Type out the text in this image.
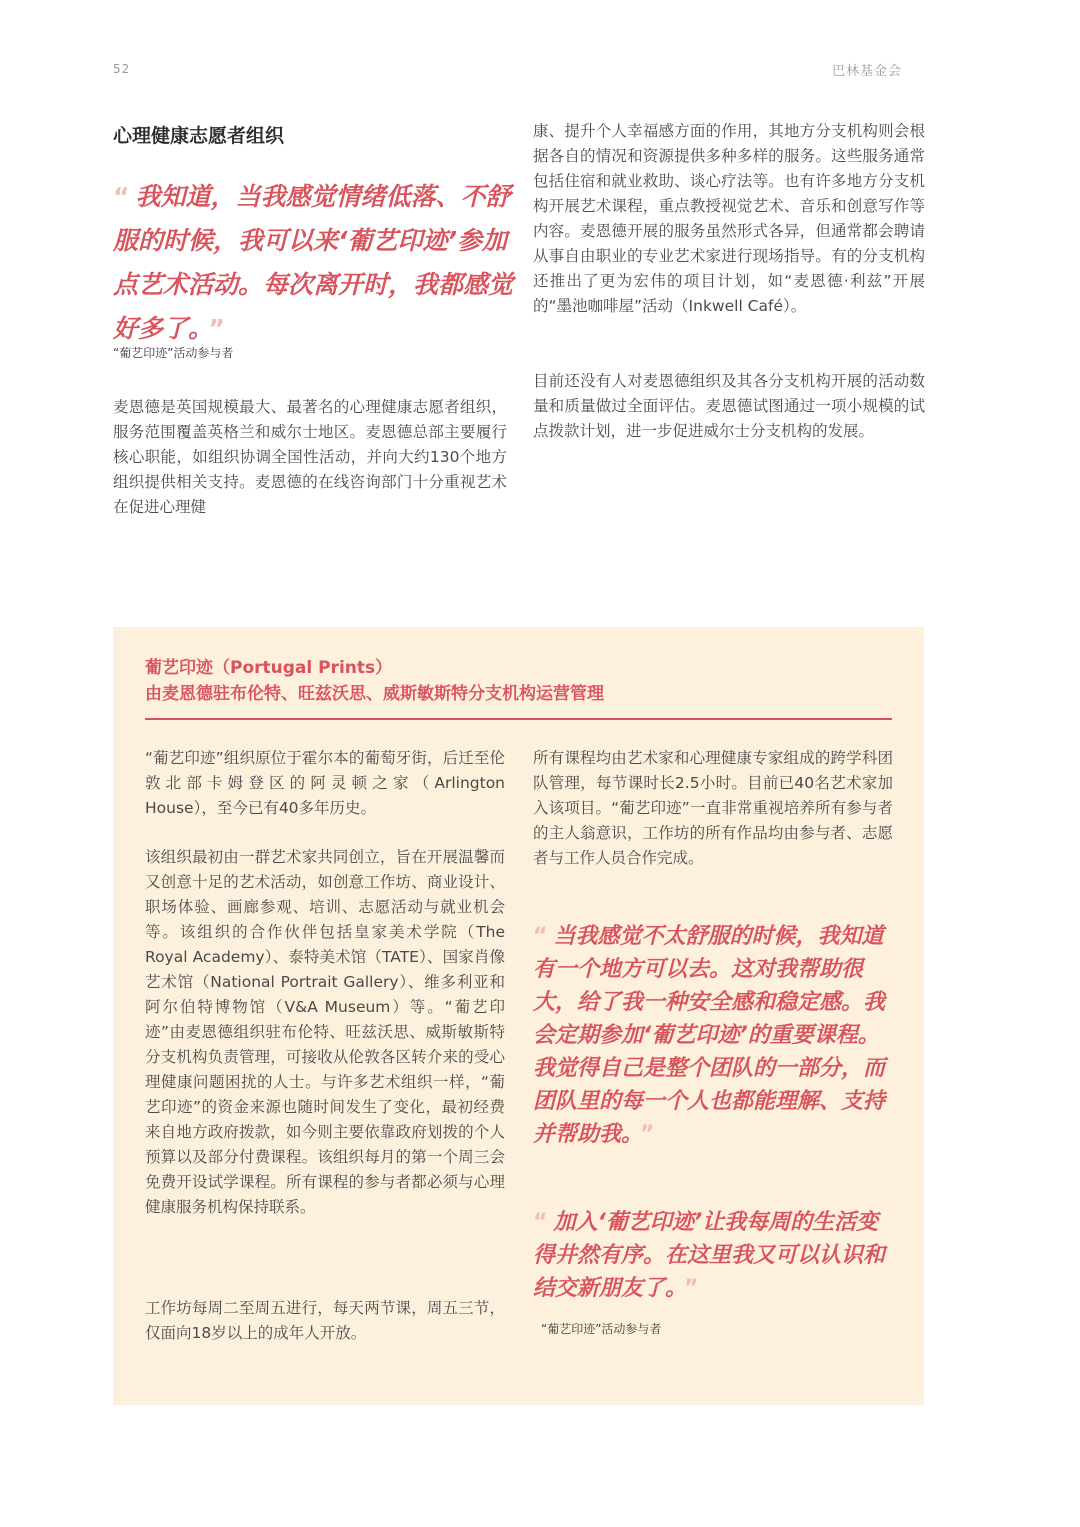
52	巴林基金会
心理健康志愿者组织

“ 我知道，当我感觉情绪低落、不舒服的时候，我可以来‘葡艺印迹’参加点艺术活动。每次离开时，我都感觉好多了。 ”

“葡艺印迹”活动参与者

麦恩德是英国规模最大、最著名的心理健康志愿者组织，服务范围覆盖英格兰和威尔士地区。麦恩德总部主要履行核心职能，如组织协调全国性活动，并向大约130个地方组织提供相关支持。麦恩德的在线咨询部门十分重视艺术在促进心理健

康、提升个人幸福感方面的作用，其地方分支机构则会根据各自的情况和资源提供多种多样的服务。这些服务通常包括住宿和就业救助、谈心疗法等。也有许多地方分支机构开展艺术课程，重点教授视觉艺术、音乐和创意写作等内容。麦恩德开展的服务虽然形式各异，但通常都会聘请从事自由职业的专业艺术家进行现场指导。有的分支机构还推出了更为宏伟的项目计划，如“麦恩德·利兹”开展的“墨池咖啡屋”活动（Inkwell Café）。

目前还没有人对麦恩德组织及其各分支机构开展的活动数量和质量做过全面评估。麦恩德试图通过一项小规模的试点拨款计划，进一步促进威尔士分支机构的发展。

葡艺印迹（Portugal Prints）
由麦恩德驻布伦特、旺兹沃思、威斯敏斯特分支机构运营管理

“葡艺印迹”组织原位于霍尔本的葡萄牙街，后迁至伦敦北部卡姆登区的阿灵顿之家（Arlington House），至今已有40多年历史。

该组织最初由一群艺术家共同创立，旨在开展温馨而又创意十足的艺术活动，如创意工作坊、商业设计、职场体验、画廊参观、培训、志愿活动与就业机会等。该组织的合作伙伴包括皇家美术学院（The Royal Academy）、泰特美术馆（TATE）、国家肖像艺术馆（National Portrait Gallery）、维多利亚和阿尔伯特博物馆（V&A Museum）等。“葡艺印迹”由麦恩德组织驻布伦特、旺兹沃思、威斯敏斯特分支机构负责管理，可接收从伦敦各区转介来的受心理健康问题困扰的人士。与许多艺术组织一样，“葡艺印迹”的资金来源也随时间发生了变化，最初经费来自地方政府拨款，如今则主要依靠政府划拨的个人预算以及部分付费课程。该组织每月的第一个周三会免费开设试学课程。所有课程的参与者都必须与心理健康服务机构保持联系。

工作坊每周二至周五进行，每天两节课，周五三节，仅面向18岁以上的成年人开放。

所有课程均由艺术家和心理健康专家组成的跨学科团队管理，每节课时长2.5小时。目前已40名艺术家加入该项目。“葡艺印迹”一直非常重视培养所有参与者的主人翁意识，工作坊的所有作品均由参与者、志愿者与工作人员合作完成。

“ 当我感觉不太舒服的时候，我知道有一个地方可以去。这对我帮助很大，给了我一种安全感和稳定感。我会定期参加‘葡艺印迹’的重要课程。我觉得自己是整个团队的一部分，而团队里的每一个人也都能理解、支持并帮助我。 ”

“ 加入‘葡艺印迹’让我每周的生活变得井然有序。在这里我又可以认识和结交新朋友了。 ”

“葡艺印迹”活动参与者
